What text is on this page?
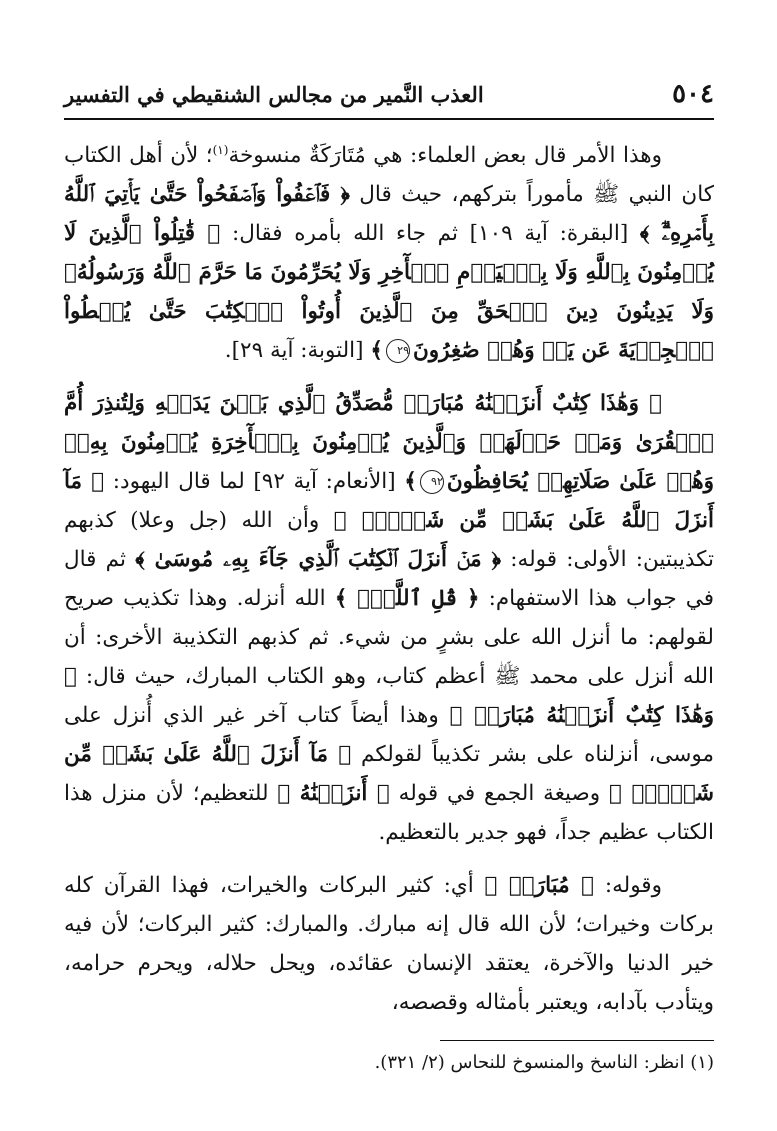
٥٠٤
العذب النَّمير من مجالس الشنقيطي في التفسير

وهذا الأمر قال بعض العلماء: هي مُتَارَكَةٌ منسوخة$^{(١)}$؛ لأن أهل الكتاب كان النبي ﷺ مأموراً بتركهم، حيث قال ﴿ فَٱعۡفُواْ وَٱصۡفَحُواْ حَتَّىٰ يَأۡتِيَ ٱللَّهُ بِأَمۡرِهِۦٓۗ ﴾ [البقرة: آية ١٠٩] ثم جاء الله بأمره فقال: ﴿ قَٰتِلُواْ ٱلَّذِينَ لَا يُؤۡمِنُونَ بِٱللَّهِ وَلَا بِٱلۡيَوۡمِ ٱلۡأٓخِرِ وَلَا يُحَرِّمُونَ مَا حَرَّمَ ٱللَّهُ وَرَسُولُهُۥ وَلَا يَدِينُونَ دِينَ ٱلۡحَقِّ مِنَ ٱلَّذِينَ أُوتُواْ ٱلۡكِتَٰبَ حَتَّىٰ يُعۡطُواْ ٱلۡجِزۡيَةَ عَن يَدٖ وَهُمۡ صَٰغِرُونَ٢٩﴾ [التوبة: آية ٢٩].

﴿ وَهَٰذَا كِتَٰبٌ أَنزَلۡنَٰهُ مُبَارَكٞ مُّصَدِّقُ ٱلَّذِي بَيۡنَ يَدَيۡهِ وَلِتُنذِرَ أُمَّ ٱلۡقُرَىٰ وَمَنۡ حَوۡلَهَاۚ وَٱلَّذِينَ يُؤۡمِنُونَ بِٱلۡأٓخِرَةِ يُؤۡمِنُونَ بِهِۦۖ وَهُمۡ عَلَىٰ صَلَاتِهِمۡ يُحَافِظُونَ٩٢﴾ [الأنعام: آية ٩٢] لما قال اليهود: ﴿ مَآ أَنزَلَ ٱللَّهُ عَلَىٰ بَشَرٖ مِّن شَيۡءٖۗ ﴾ وأن الله (جل وعلا) كذبهم تكذيبتين: الأولى: قوله: ﴿ مَنۡ أَنزَلَ ٱلۡكِتَٰبَ ٱلَّذِي جَآءَ بِهِۦ مُوسَىٰ ﴾ ثم قال في جواب هذا الاستفهام: ﴿ قُلِ ٱللَّهُۖ ﴾ الله أنزله. وهذا تكذيب صريح لقولهم: ما أنزل الله على بشرٍ من شيء. ثم كذبهم التكذيبة الأخرى: أن الله أنزل على محمد ﷺ أعظم كتاب، وهو الكتاب المبارك، حيث قال: ﴿ وَهَٰذَا كِتَٰبٌ أَنزَلۡنَٰهُ مُبَارَكٞ ﴾ وهذا أيضاً كتاب آخر غير الذي أُنزل على موسى، أنزلناه على بشر تكذيباً لقولكم ﴿ مَآ أَنزَلَ ٱللَّهُ عَلَىٰ بَشَرٖ مِّن شَيۡءٖۗ ﴾ وصيغة الجمع في قوله ﴿ أَنزَلۡنَٰهُ ﴾ للتعظيم؛ لأن منزل هذا الكتاب عظيم جداً، فهو جدير بالتعظيم.

وقوله: ﴿ مُبَارَكٞ ﴾ أي: كثير البركات والخيرات، فهذا القرآن كله بركات وخيرات؛ لأن الله قال إنه مبارك. والمبارك: كثير البركات؛ لأن فيه خير الدنيا والآخرة، يعتقد الإنسان عقائده، ويحل حلاله، ويحرم حرامه، ويتأدب بآدابه، ويعتبر بأمثاله وقصصه،

(١) انظر: الناسخ والمنسوخ للنحاس (٢/ ٣٢١).
